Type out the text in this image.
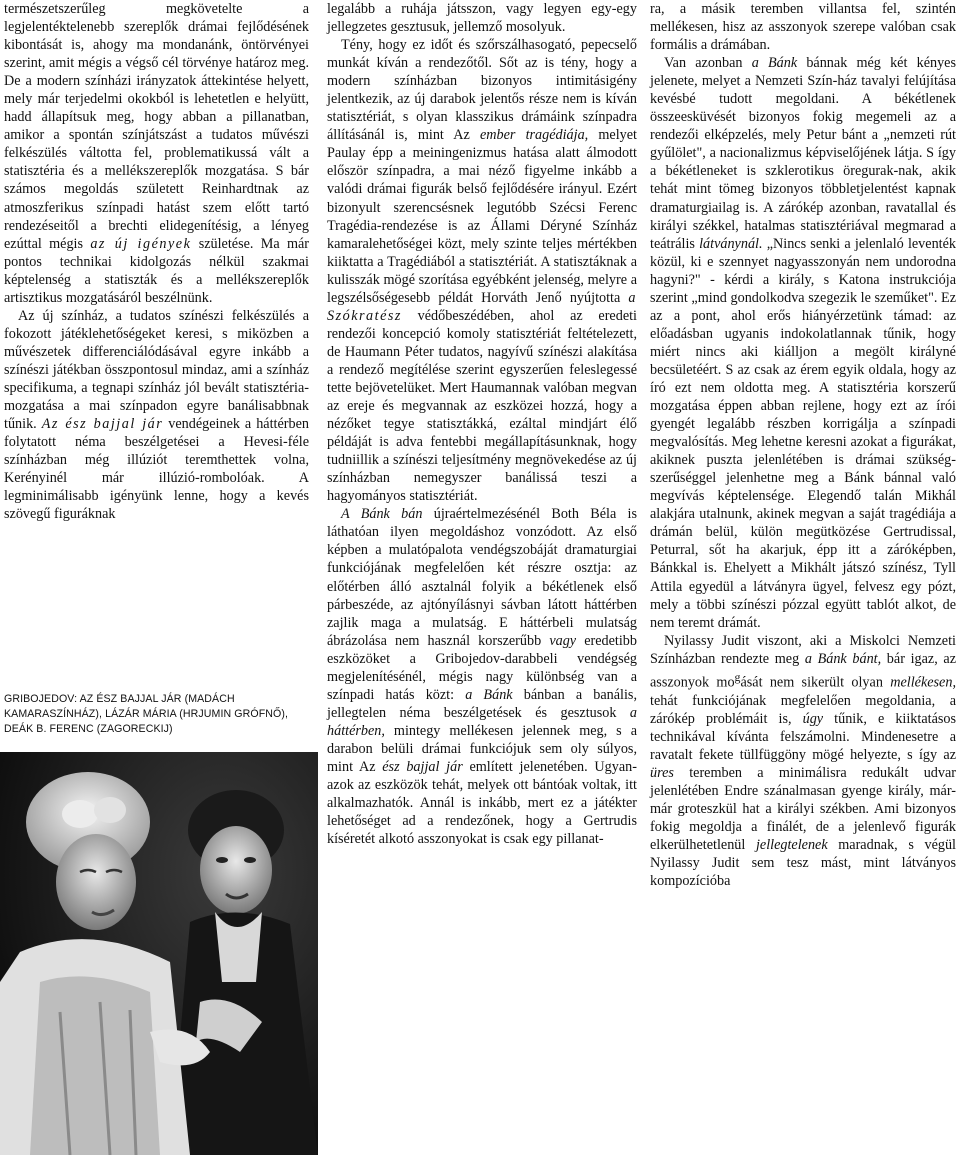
természetszerűleg megkövetelte a legjelentéktelenebb szereplők drámai fejlődésének kibontását is, ahogy ma mondanánk, öntörvényei szerint, amit mégis a végső cél törvénye határoz meg. De a modern színházi irányzatok áttekintése helyett, mely már terjedelmi okokból is lehetetlen e helyütt, hadd állapítsuk meg, hogy abban a pillanatban, amikor a spontán színjátszást a tudatos művészi felkészülés váltotta fel, problematikussá vált a statisztéria és a mellékszereplők mozgatása. S bár számos megoldás született Reinhardtnak az atmoszferikus színpadi hatást szem előtt tartó rendezéseitől a brechti elidegenítésig, a lényeg ezúttal mégis az új igények születése. Ma már pontos technikai kidolgozás nélkül szakmai képtelenség a statiszták és a mellékszereplők artisztikus mozgatásáról beszélnünk.

Az új színház, a tudatos színészi felkészülés a fokozott játéklehetőségeket keresi, s miközben a művészetek differenciálódásával egyre inkább a színészi játékban összpontosul mindaz, ami a színház specifikuma, a tegnapi színház jól bevált statisztéria-mozgatása a mai színpadon egyre banálisabbnak tűnik. Az ész bajjal jár vendégeinek a háttérben folytatott néma beszélgetései a Hevesi-féle színházban még illúziót teremthettek volna, Kerényinél már illúzió-rombolóak. A legminimálisabb igényünk lenne, hogy a kevés szövegű figuráknak

GRIBOJEDOV: AZ ÉSZ BAJJAL JÁR (MADÁCH KAMARASZÍNHÁZ), LÁZÁR MÁRIA (HRJUMIN GRÓFNŐ), DEÁK B. FERENC (ZAGORECKIJ)

legalább a ruhája játsszon, vagy legyen egy-egy jellegzetes gesztusuk, jellemző mosolyuk.

Tény, hogy ez időt és szőrszálhasogató, pepecselő munkát kíván a rendezőtől. Sőt az is tény, hogy a modern színházban bizonyos intimitásigény jelentkezik, az új darabok jelentős része nem is kíván statisztériát, s olyan klasszikus drámáink színpadra állításánál is, mint Az ember tragédiája, melyet Paulay épp a meiningenizmus hatása alatt álmodott először színpadra, a mai néző figyelme inkább a valódi drámai figurák belső fejlődésére irányul. Ezért bizonyult szerencsésnek legutóbb Szécsi Ferenc Tragédia-rendezése is az Állami Déryné Színház kamaralehetőségei közt, mely szinte teljes mértékben kiiktatta a Tragédiából a statisztériát. A statisztáknak a kulisszák mögé szorítása egyébként jelenség, melyre a legszélsőségesebb példát Horváth Jenő nyújtotta a Szókratész védőbeszédében, ahol az eredeti rendezői koncepció komoly statisztériát feltételezett, de Haumann Péter tudatos, nagyívű színészi alakítása a rendező megítélése szerint egyszerűen feleslegessé tette bejövetelüket. Mert Haumannak valóban megvan az ereje és megvannak az eszközei hozzá, hogy a nézőket tegye statisztákká, ezáltal mindjárt élő példáját is adva fentebbi megállapításunknak, hogy tudniillik a színészi teljesítmény megnövekedése az új színházban nemegyszer banálissá teszi a hagyományos statisztériát.

A Bánk bán újraértelmezésénél Both Béla is láthatóan ilyen megoldáshoz vonzódott. Az első képben a mulatópalota vendégszobáját dramaturgiai funkciójának megfelelően két részre osztja: az előtérben álló asztalnál folyik a békétlenek első párbeszéde, az ajtónyílásnyi sávban látott háttérben zajlik maga a mulatság. E háttérbeli mulatság ábrázolása nem használ korszerűbb vagy eredetibb eszközöket a Gribojedov-darabbeli vendégség megjelenítésénél, mégis nagy különbség van a színpadi hatás közt: a Bánk bánban a banális, jellegtelen néma beszélgetések és gesztusok a háttérben, mintegy mellékesen jelennek meg, s a darabon belüli drámai funkciójuk sem oly súlyos, mint Az ész bajjal jár említett jelenetében. Ugyan-azok az eszközök tehát, melyek ott bántóak voltak, itt alkalmazhatók. Annál is inkább, mert ez a játékter lehetőséget ad a rendezőnek, hogy a Gertrudis kíséretét alkotó asszonyokat is csak egy pillanat-

ra, a másik teremben villantsa fel, szintén mellékesen, hisz az asszonyok szerepe valóban csak formális a drámában.

Van azonban a Bánk bánnak még két kényes jelenete, melyet a Nemzeti Szín-ház tavalyi felújítása kevésbé tudott megoldani. A békétlenek összeesküvését bizonyos fokig megemeli az a rendezői elképzelés, mely Petur bánt a „nemzeti rút gyűlölet", a nacionalizmus képviselőjének látja. S így a békétleneket is szklerotikus öregurak-nak, akik tehát mint tömeg bizonyos többletjelentést kapnak dramaturgiailag is. A zárókép azonban, ravatallal és királyi székkel, hatalmas statisztériával megmarad a teátrális látványnál. „Nincs senki a jelenlaló leventék közül, ki e szennyet nagyasszonyán nem undorodna hagyni?" - kérdi a király, s Katona instrukciója szerint „mind gondolkodva szegezik le szeműket". Ez az a pont, ahol erős hiányérzetünk támad: az előadásban ugyanis indokolatlannak tűnik, hogy miért nincs aki kiálljon a megölt királyné becsületéért. S az csak az érem egyik oldala, hogy az író ezt nem oldotta meg. A statisztéria korszerű mozgatása éppen abban rejlene, hogy ezt az írói gyengét legalább részben korrigálja a színpadi megvalósítás. Meg lehetne keresni azokat a figurákat, akiknek puszta jelenlétében is drámai szükség-szerűséggel jelenhetne meg a Bánk bánnal való megvívás képtelensége. Elegendő talán Mikhál alakjára utalnunk, akinek megvan a saját tragédiája a drámán belül, külön megütközése Gertrudissal, Peturral, sőt ha akarjuk, épp itt a záróképben, Bánkkal is. Ehelyett a Mikhált játszó színész, Tyll Attila egyedül a látványra ügyel, felvesz egy pózt, mely a többi színészi pózzal együtt tablót alkot, de nem teremt drámát.

Nyilassy Judit viszont, aki a Miskolci Nemzeti Színházban rendezte meg a Bánk bánt, bár igaz, az asszonyok $mo^gását$ nem sikerült olyan mellékesen, tehát funkciójának megfelelően megoldania, a zárókép problémáit is, úgy tűnik, e kiiktatásos technikával kívánta felszámolni. Mindenesetre a ravatalt fekete tüllfüggöny mögé helyezte, s így az üres teremben a minimálisra redukált udvar jelenlétében Endre szánalmasan gyenge király, már-már groteszkül hat a királyi székben. Ami bizonyos fokig megoldja a finálét, de a jelenlevő figurák elkerülhetetlenül jellegtelenek maradnak, s végül Nyilassy Judit sem tesz mást, mint látványos kompozícióba
